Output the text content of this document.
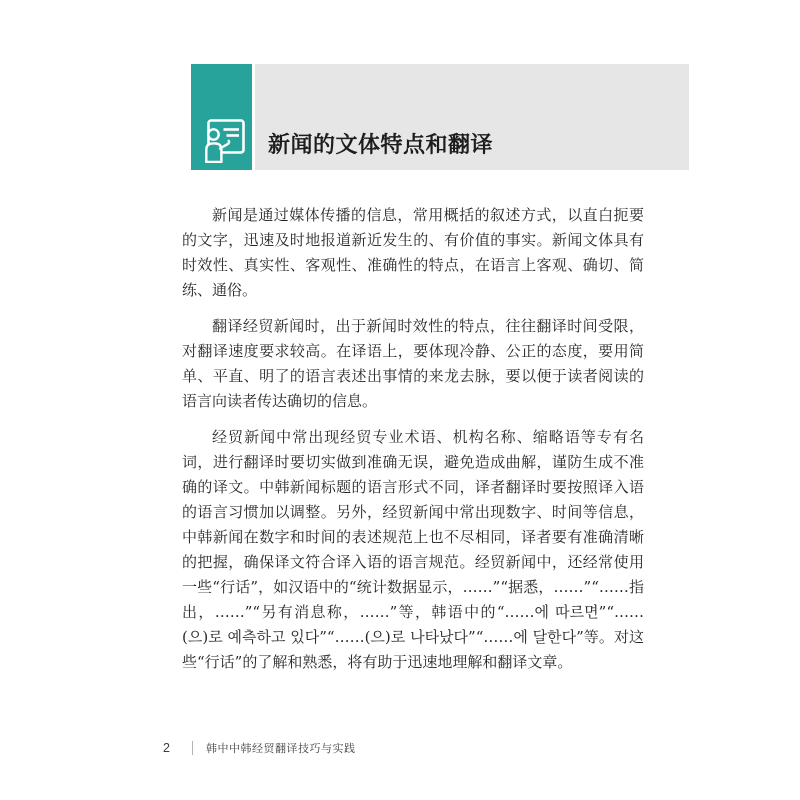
新闻的文体特点和翻译

新闻是通过媒体传播的信息，常用概括的叙述方式，以直白扼要的文字，迅速及时地报道新近发生的、有价值的事实。新闻文体具有时效性、真实性、客观性、准确性的特点，在语言上客观、确切、简练、通俗。

翻译经贸新闻时，出于新闻时效性的特点，往往翻译时间受限，对翻译速度要求较高。在译语上，要体现冷静、公正的态度，要用简单、平直、明了的语言表述出事情的来龙去脉，要以便于读者阅读的语言向读者传达确切的信息。

经贸新闻中常出现经贸专业术语、机构名称、缩略语等专有名词，进行翻译时要切实做到准确无误，避免造成曲解，谨防生成不准确的译文。中韩新闻标题的语言形式不同，译者翻译时要按照译入语的语言习惯加以调整。另外，经贸新闻中常出现数字、时间等信息，中韩新闻在数字和时间的表述规范上也不尽相同，译者要有准确清晰的把握，确保译文符合译入语的语言规范。经贸新闻中，还经常使用一些“行话”，如汉语中的“统计数据显示，……”“据悉，……”“……指出，……”“另有消息称，……”等，韩语中的“……에 따르면”“……(으)로 예측하고 있다”“……(으)로 나타났다”“……에 달한다”等。对这些“行话”的了解和熟悉，将有助于迅速地理解和翻译文章。

2	韩中中韩经贸翻译技巧与实践
